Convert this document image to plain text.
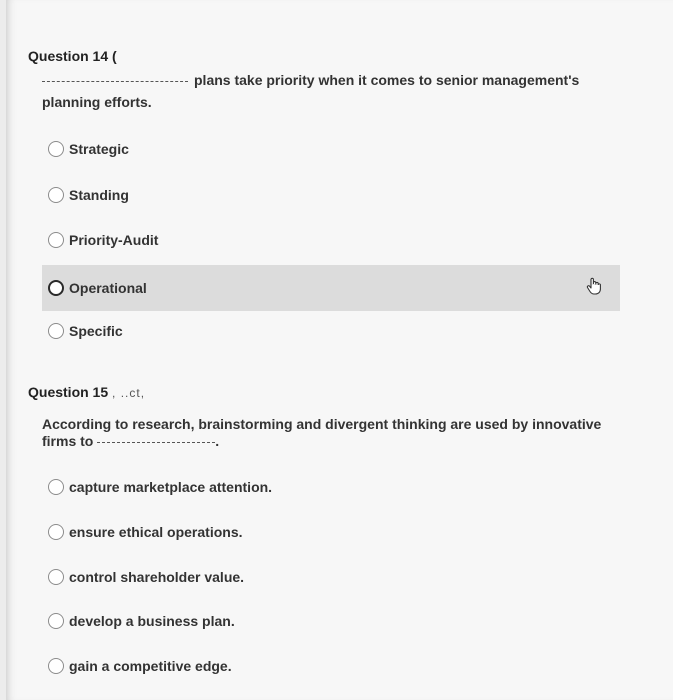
Question 14 (
plans take priority when it comes to senior management's
planning efforts.
Strategic
Standing
Priority-Audit
Operational
Specific
Question 15 , ..ct,
According to research, brainstorming and divergent thinking are used by innovative
firms to	.
capture marketplace attention.
ensure ethical operations.
control shareholder value.
develop a business plan.
gain a competitive edge.
